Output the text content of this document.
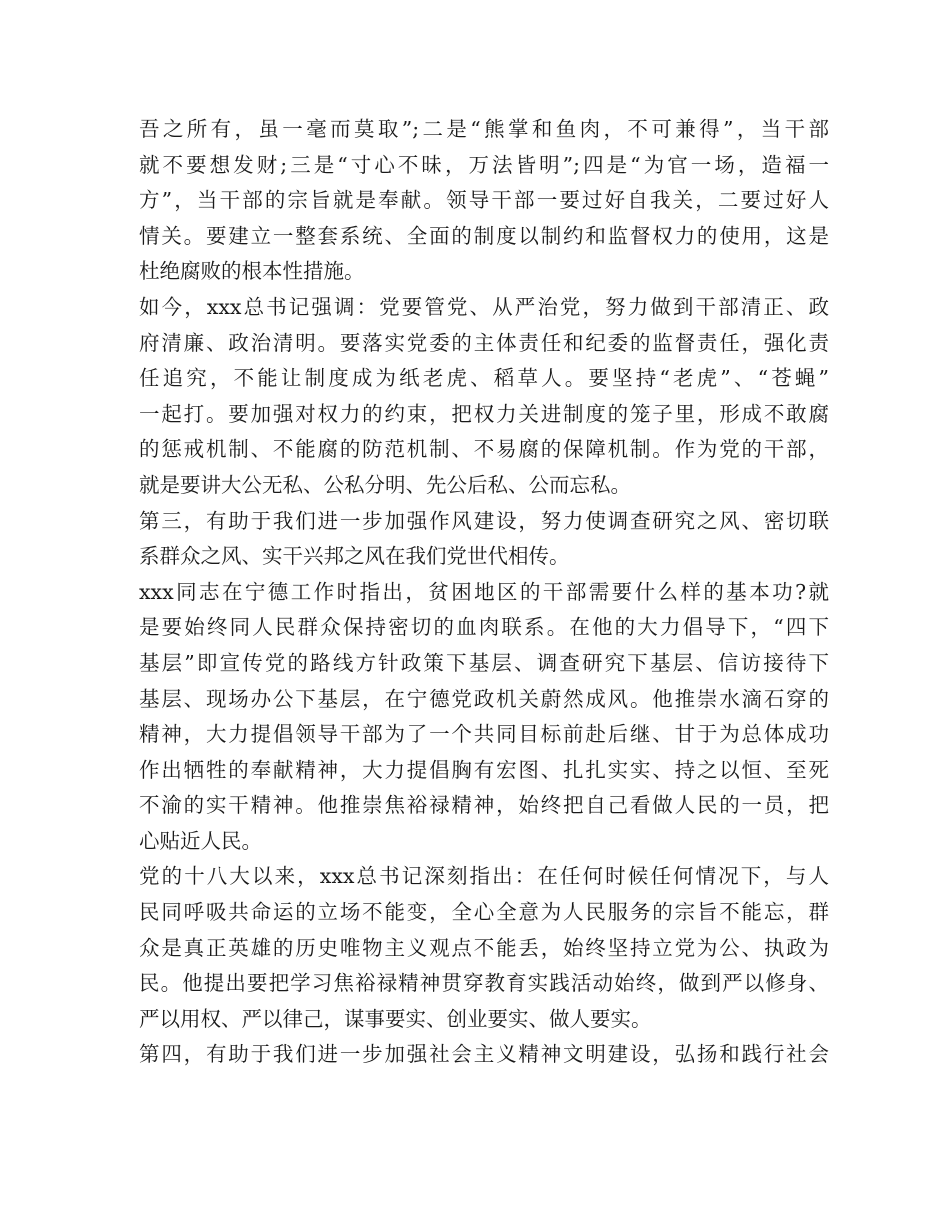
吾之所有，虽一毫而莫取”;二是“熊掌和鱼肉，不可兼得”，当干部
就不要想发财;三是“寸心不昧，万法皆明”;四是“为官一场，造福一
方”，当干部的宗旨就是奉献。领导干部一要过好自我关，二要过好人
情关。要建立一整套系统、全面的制度以制约和监督权力的使用，这是
杜绝腐败的根本性措施。
如今，xxx总书记强调：党要管党、从严治党，努力做到干部清正、政
府清廉、政治清明。要落实党委的主体责任和纪委的监督责任，强化责
任追究，不能让制度成为纸老虎、稻草人。要坚持“老虎”、“苍蝇”
一起打。要加强对权力的约束，把权力关进制度的笼子里，形成不敢腐
的惩戒机制、不能腐的防范机制、不易腐的保障机制。作为党的干部，
就是要讲大公无私、公私分明、先公后私、公而忘私。
第三，有助于我们进一步加强作风建设，努力使调查研究之风、密切联
系群众之风、实干兴邦之风在我们党世代相传。
xxx同志在宁德工作时指出，贫困地区的干部需要什么样的基本功?就
是要始终同人民群众保持密切的血肉联系。在他的大力倡导下，“四下
基层”即宣传党的路线方针政策下基层、调查研究下基层、信访接待下
基层、现场办公下基层，在宁德党政机关蔚然成风。他推崇水滴石穿的
精神，大力提倡领导干部为了一个共同目标前赴后继、甘于为总体成功
作出牺牲的奉献精神，大力提倡胸有宏图、扎扎实实、持之以恒、至死
不渝的实干精神。他推崇焦裕禄精神，始终把自己看做人民的一员，把
心贴近人民。
党的十八大以来，xxx总书记深刻指出：在任何时候任何情况下，与人
民同呼吸共命运的立场不能变，全心全意为人民服务的宗旨不能忘，群
众是真正英雄的历史唯物主义观点不能丢，始终坚持立党为公、执政为
民。他提出要把学习焦裕禄精神贯穿教育实践活动始终，做到严以修身、
严以用权、严以律己，谋事要实、创业要实、做人要实。
第四，有助于我们进一步加强社会主义精神文明建设，弘扬和践行社会
